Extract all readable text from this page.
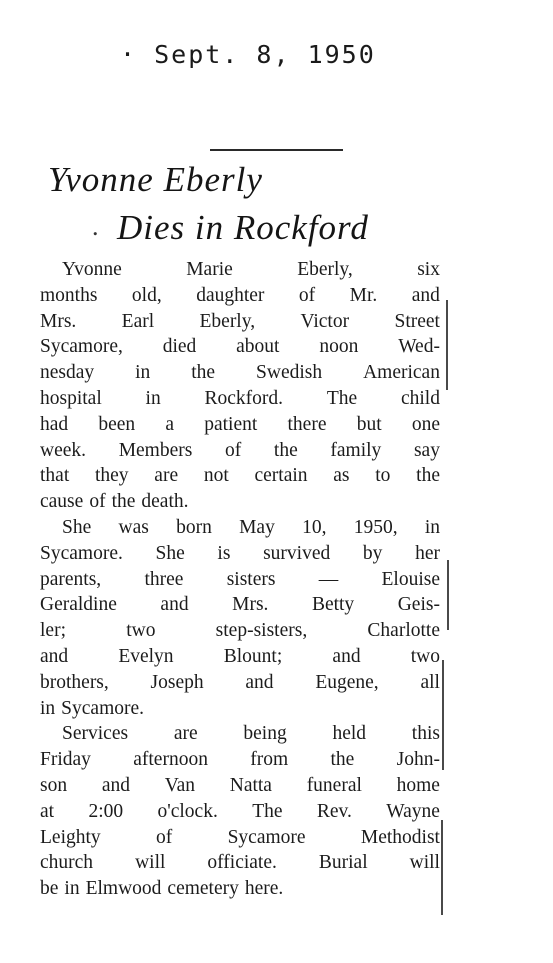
· Sept. 8, 1950
Yvonne Eberly
. Dies in Rockford
Yvonne	Marie	Eberly,	six
months old, daughter of Mr. and
Mrs. Earl Eberly, Victor Street
Sycamore, died about noon Wed-
nesday in the Swedish American
hospital in Rockford. The child
had been a patient there but one
week. Members of the family say
that they are not certain as to the
cause of the death.
She was born May 10, 1950, in
Sycamore. She is survived by her
parents, three sisters — Elouise
Geraldine and Mrs. Betty Geis-
ler;	two	step-sisters,	Charlotte
and	Evelyn	Blount;	and	two
brothers, Joseph and Eugene, all
in Sycamore.
Services are being held this
Friday afternoon from the John-
son and Van Natta funeral home
at 2:00 o'clock. The Rev. Wayne
Leighty	of	Sycamore	Methodist
church will officiate. Burial will
be in Elmwood cemetery here.
